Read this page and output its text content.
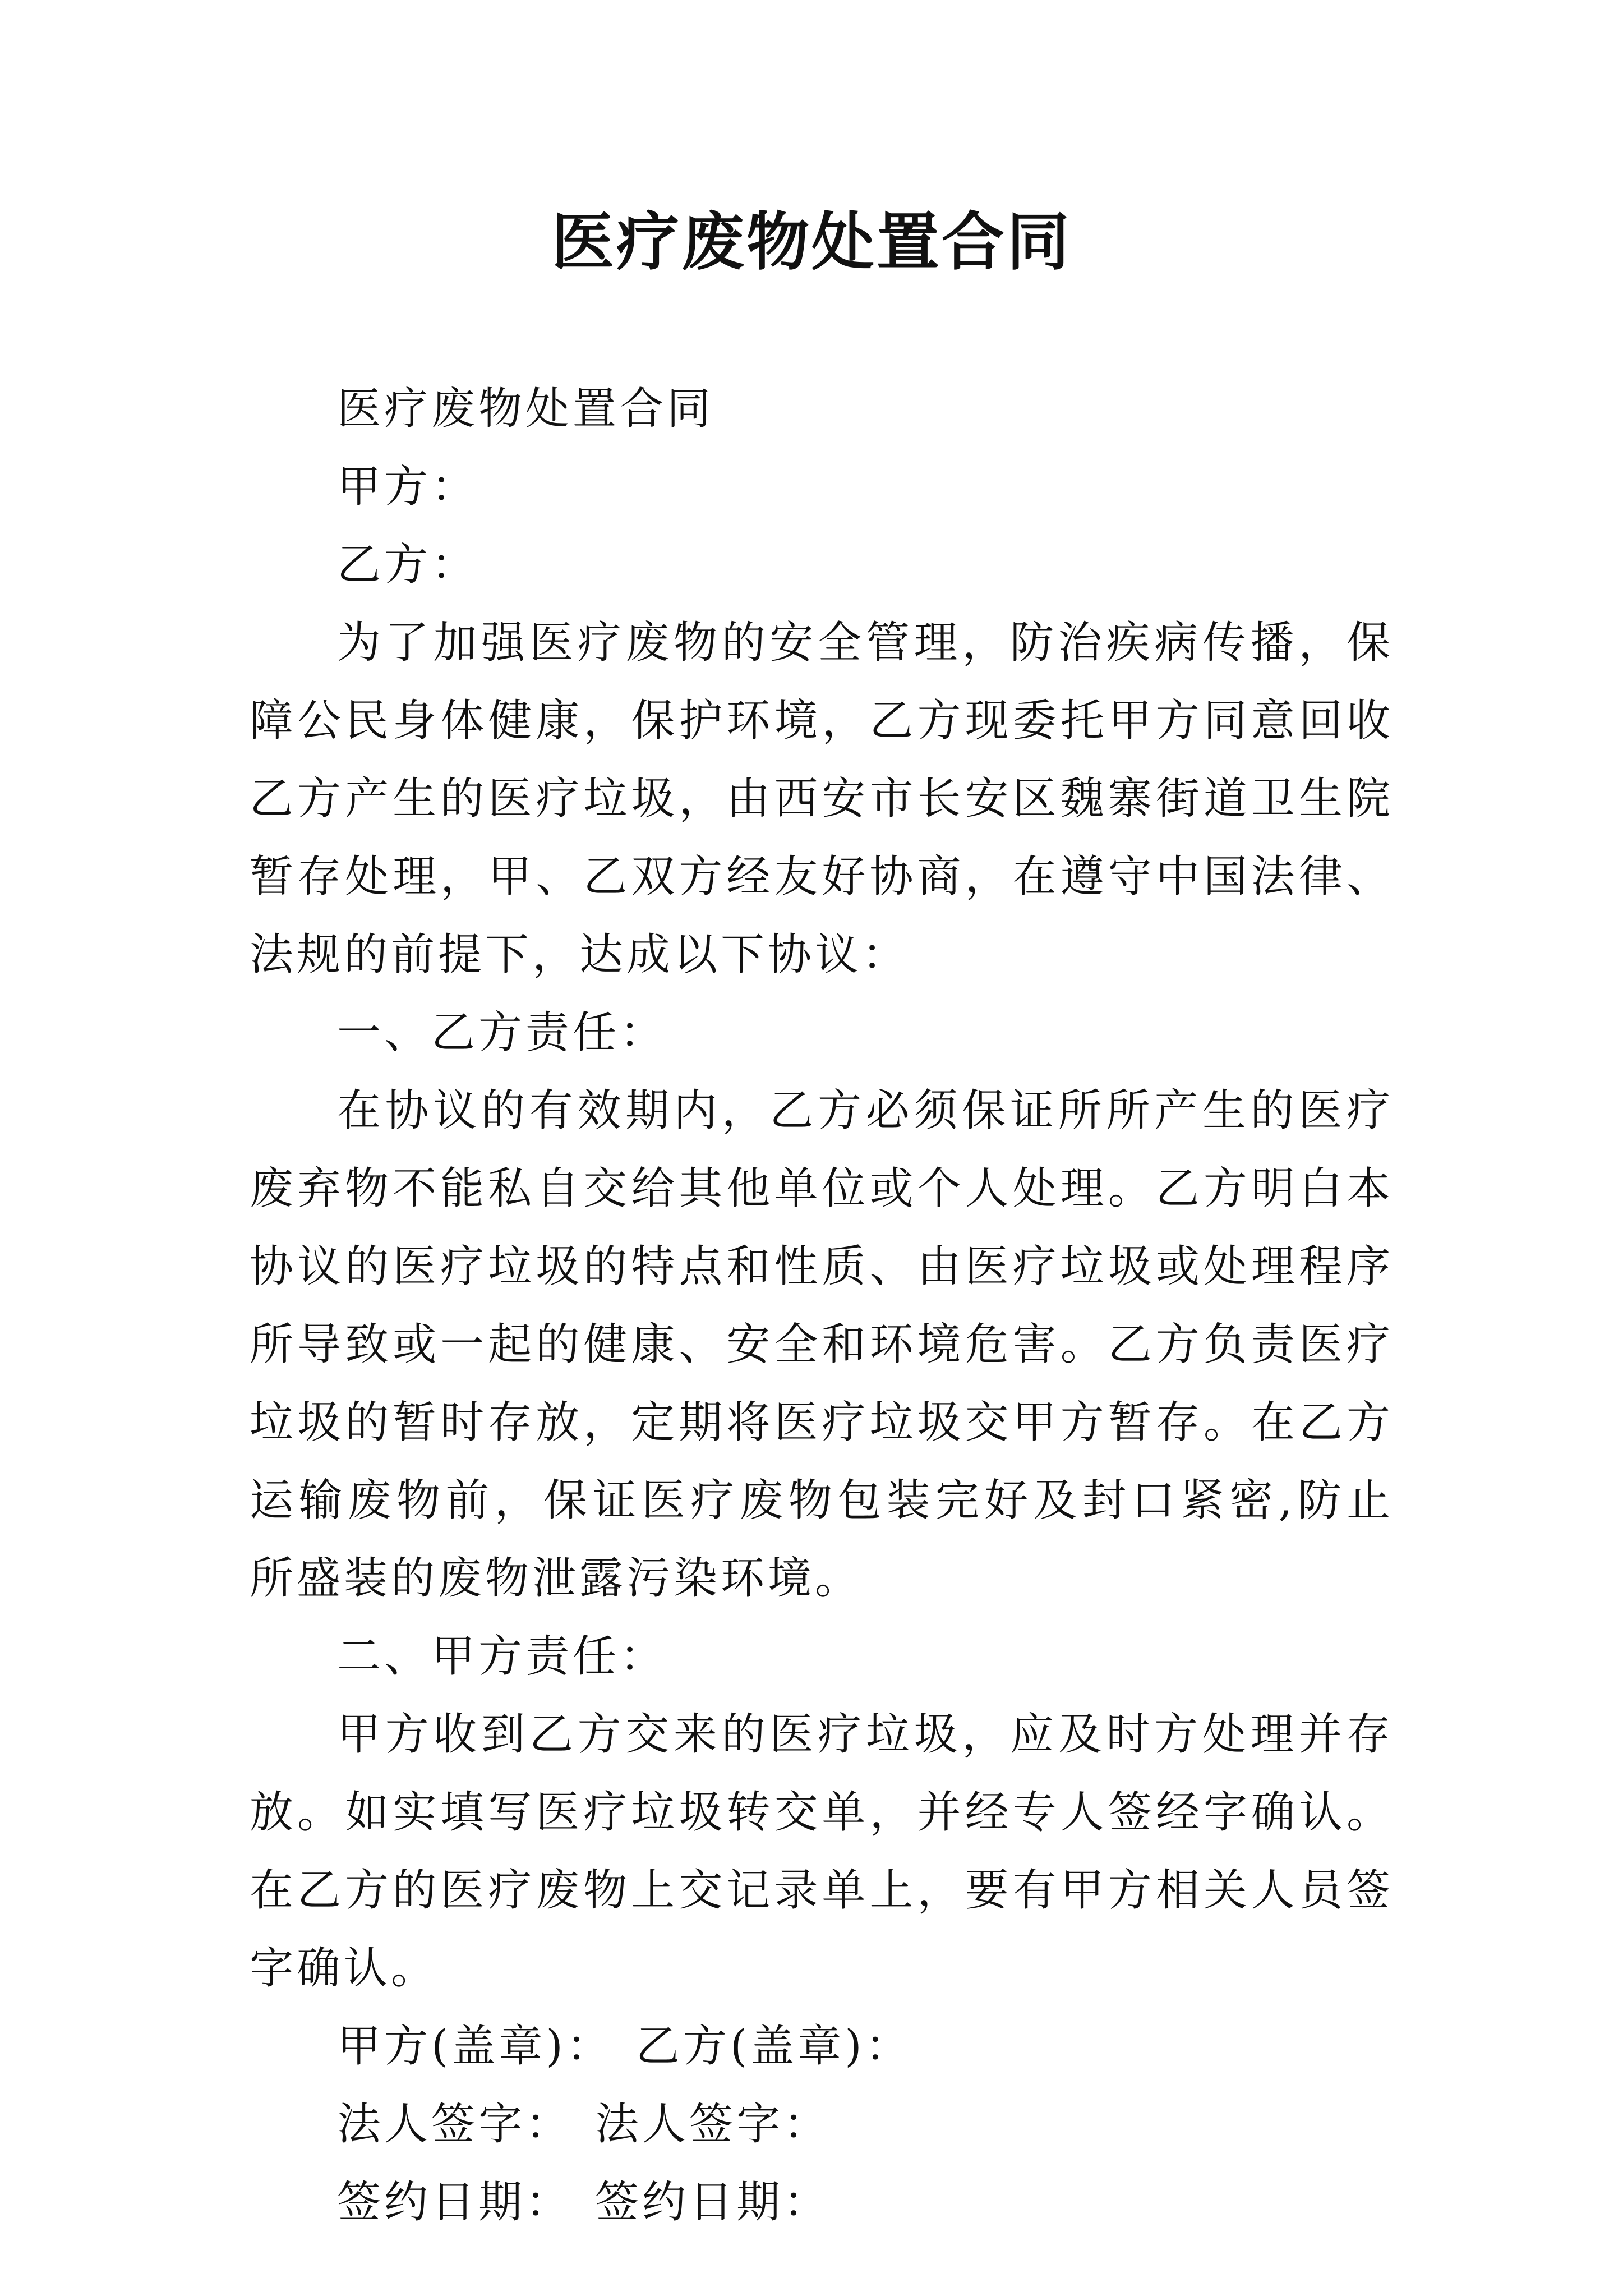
医疗废物处置合同
医疗废物处置合同
甲方：
乙方：

为了加强医疗废物的安全管理，防治疾病传播，保障公民身体健康，保护环境，乙方现委托甲方同意回收乙方产生的医疗垃圾，由西安市长安区魏寨街道卫生院暂存处理，甲、乙双方经友好协商，在遵守中国法律、法规的前提下，达成以下协议：

一、乙方责任：

在协议的有效期内，乙方必须保证所所产生的医疗废弃物不能私自交给其他单位或个人处理。乙方明白本协议的医疗垃圾的特点和性质、由医疗垃圾或处理程序所导致或一起的健康、安全和环境危害。乙方负责医疗垃圾的暂时存放，定期将医疗垃圾交甲方暂存。在乙方运输废物前，保证医疗废物包装完好及封口紧密,防止所盛装的废物泄露污染环境。

二、甲方责任：

甲方收到乙方交来的医疗垃圾，应及时方处理并存放。如实填写医疗垃圾转交单，并经专人签经字确认。在乙方的医疗废物上交记录单上，要有甲方相关人员签字确认。

甲方(盖章)： 乙方(盖章)：
法人签字： 法人签字：
签约日期： 签约日期：
